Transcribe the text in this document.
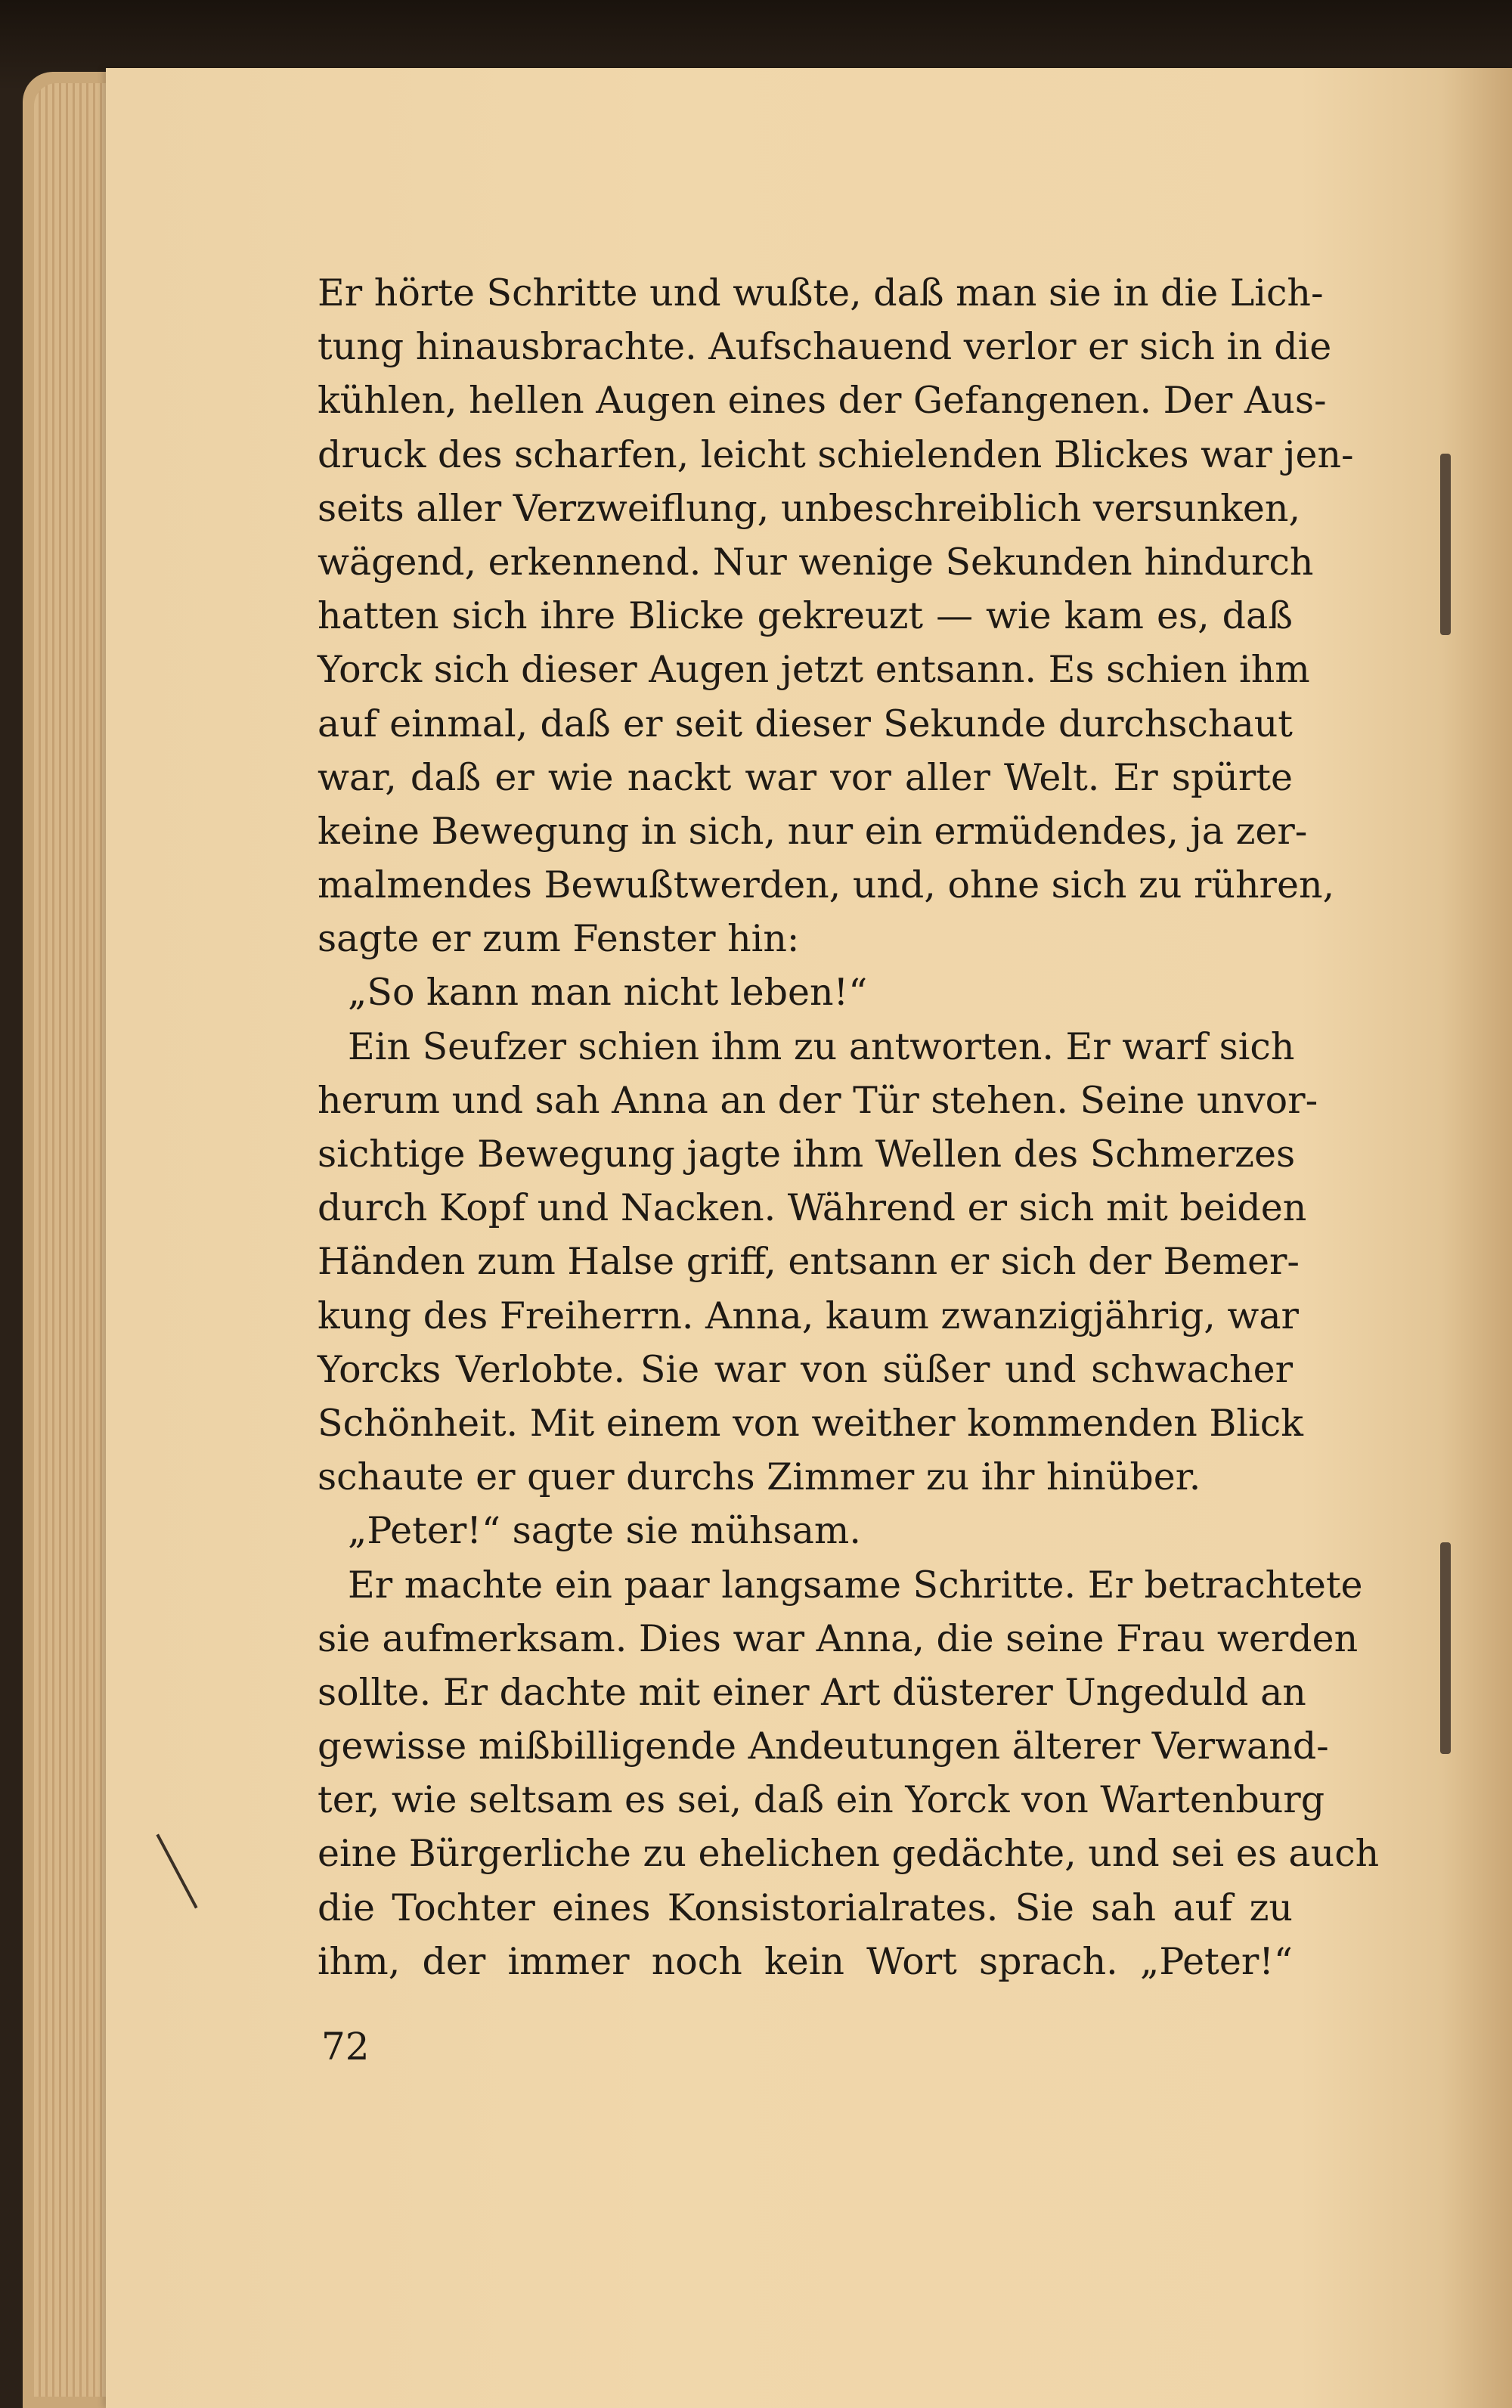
Er hörte Schritte und wußte, daß man sie in die Lich-
tung hinausbrachte. Aufschauend verlor er sich in die
kühlen, hellen Augen eines der Gefangenen. Der Aus-
druck des scharfen, leicht schielenden Blickes war jen-
seits aller Verzweiflung, unbeschreiblich versunken,
wägend, erkennend. Nur wenige Sekunden hindurch
hatten sich ihre Blicke gekreuzt — wie kam es, daß
Yorck sich dieser Augen jetzt entsann. Es schien ihm
auf einmal, daß er seit dieser Sekunde durchschaut
war, daß er wie nackt war vor aller Welt. Er spürte
keine Bewegung in sich, nur ein ermüdendes, ja zer-
malmendes Bewußtwerden, und, ohne sich zu rühren,
sagte er zum Fenster hin:
„So kann man nicht leben!“
Ein Seufzer schien ihm zu antworten. Er warf sich
herum und sah Anna an der Tür stehen. Seine unvor-
sichtige Bewegung jagte ihm Wellen des Schmerzes
durch Kopf und Nacken. Während er sich mit beiden
Händen zum Halse griff, entsann er sich der Bemer-
kung des Freiherrn. Anna, kaum zwanzigjährig, war
Yorcks Verlobte. Sie war von süßer und schwacher
Schönheit. Mit einem von weither kommenden Blick
schaute er quer durchs Zimmer zu ihr hinüber.
„Peter!“ sagte sie mühsam.
Er machte ein paar langsame Schritte. Er betrachtete
sie aufmerksam. Dies war Anna, die seine Frau werden
sollte. Er dachte mit einer Art düsterer Ungeduld an
gewisse mißbilligende Andeutungen älterer Verwand-
ter, wie seltsam es sei, daß ein Yorck von Wartenburg
eine Bürgerliche zu ehelichen gedächte, und sei es auch
die Tochter eines Konsistorialrates. Sie sah auf zu
ihm, der immer noch kein Wort sprach. „Peter!“
72
